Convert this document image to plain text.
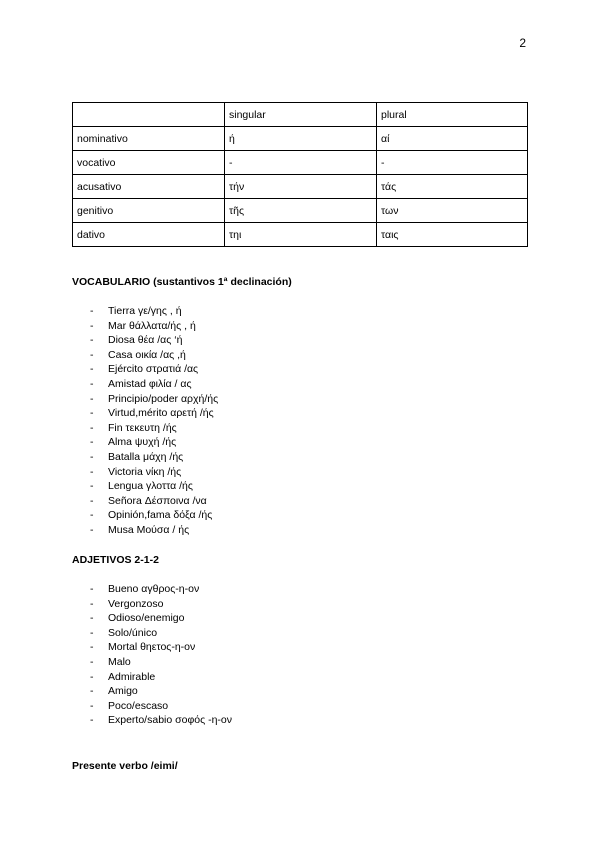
2
	singular	plural
nominativo	ή	αί
vocativo	-	-
acusativo	τήν	τάς
genitivo	τῆς	των
dativo	τηι	ταις
VOCABULARIO (sustantivos 1ª declinación)
- Tierra γε/γης , ή
- Mar θάλλατα/ής , ή
- Diosa θέα /ας ‘ή
- Casa οικία /ας ,ή
- Ejército στρατιά /ας
- Amistad φιλία / ας
- Principio/poder αρχή/ής
- Virtud,mérito αρετή /ής
- Fin τεκευτη /ής
- Alma ψυχή /ής
- Batalla μάχη /ής
- Victoria νίκη /ής
- Lengua γλοττα /ής
- Señora Δέσποινα /να
- Opinión,fama δόξα /ής
- Musa Μούσα / ής
ADJETIVOS 2-1-2
- Bueno αγθρος-η-ον
- Vergonzoso
- Odioso/enemigo
- Solo/único
- Mortal θηετος-η-ον
- Malo
- Admirable
- Amigo
- Poco/escaso
- Experto/sabio σοφός -η-ον
Presente verbo /eimi/
